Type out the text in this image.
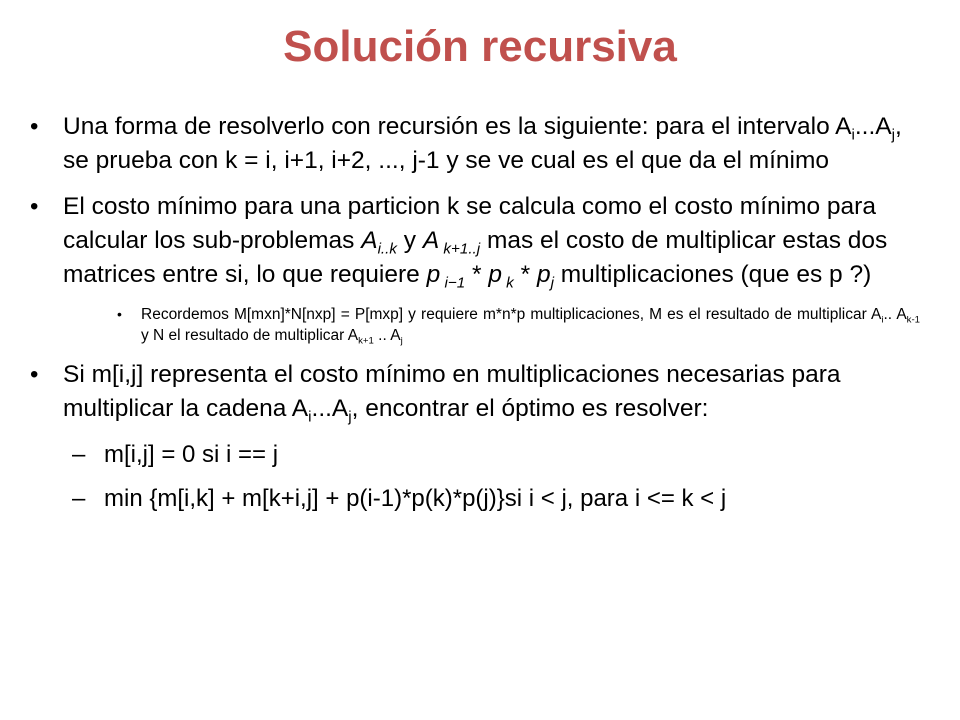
Solución recursiva
• Una forma de resolverlo con recursión es la siguiente: para el intervalo $A_i...A_j$, se prueba con k = i, i+1, i+2, ..., j-1 y se ve cual es el que da el mínimo
• El costo mínimo para una particion k se calcula como el costo mínimo para calcular los sub-problemas $A_{i..k}$ y A $_{k+1..j}$ mas el costo de multiplicar estas dos matrices entre si, lo que requiere p $_{i-1}$ * p $_k * p_j$ multiplicaciones (que es p ?)
• Recordemos M[mxn]*N[nxp] = P[mxp] y requiere m*n*p multiplicaciones, M es el resultado de multiplicar $A_i$.. $A_{k-1}$ y N el resultado de multiplicar $A_{k+1}$ .. $A_j$
• Si m[i,j] representa el costo mínimo en multiplicaciones necesarias para multiplicar la cadena $A_i...A_j$, encontrar el óptimo es resolver:
– m[i,j] = 0 si i == j
– min {m[i,k] + m[k+i,j] + p(i-1)*p(k)*p(j)}si i < j, para i <= k < j
